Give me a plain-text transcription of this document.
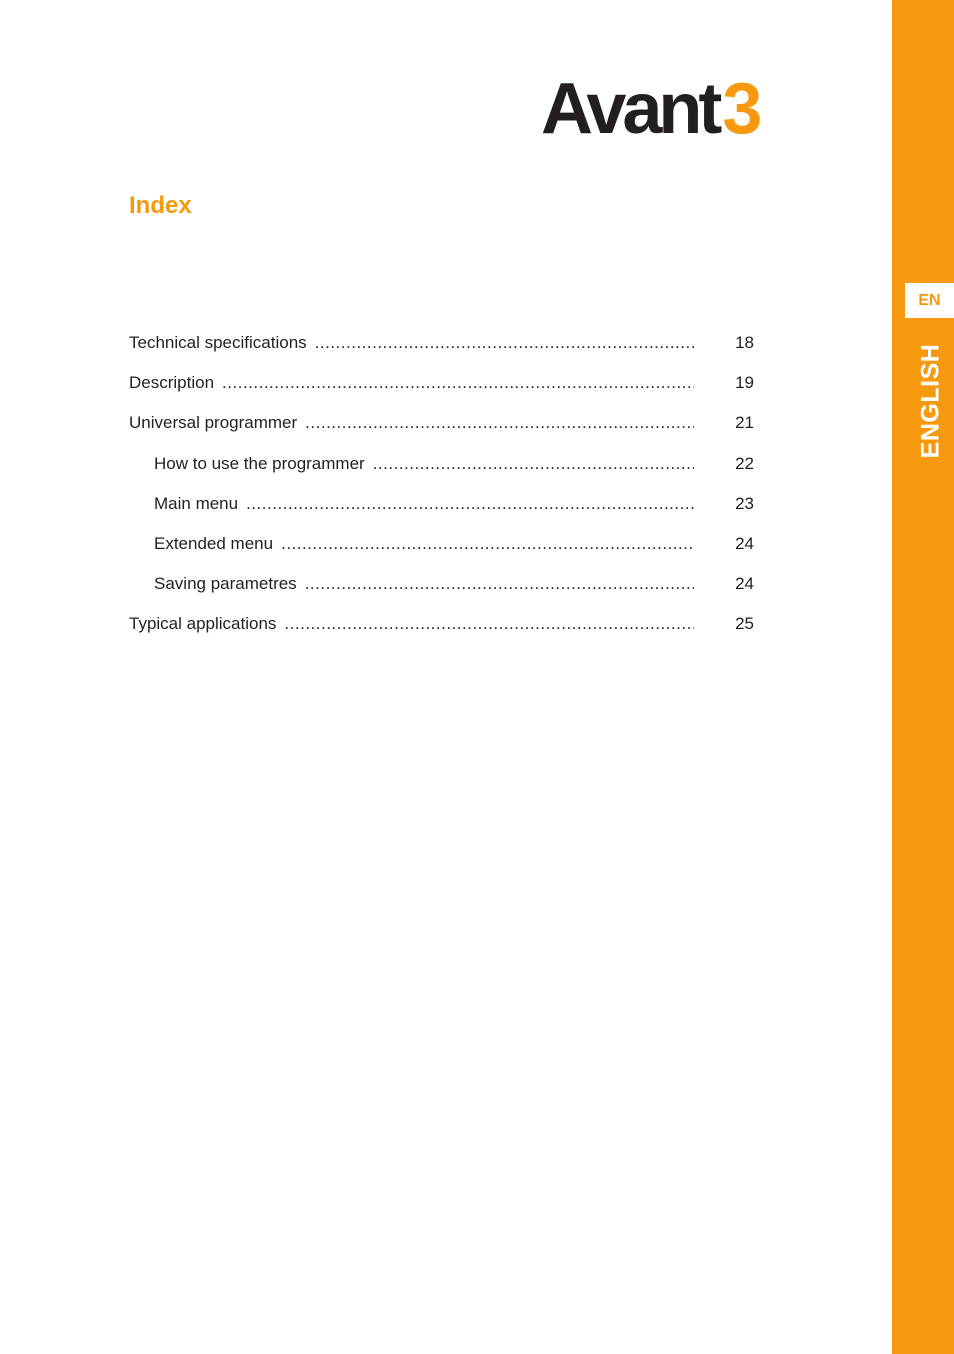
EN
ENGLISH
Avant 3
Index
Technical specifications .....	18
Description .....	19
Universal programmer .....	21
How to use the programmer .....	22
Main menu .....	23
Extended menu .....	24
Saving parametres .....	24
Typical applications .....	25
